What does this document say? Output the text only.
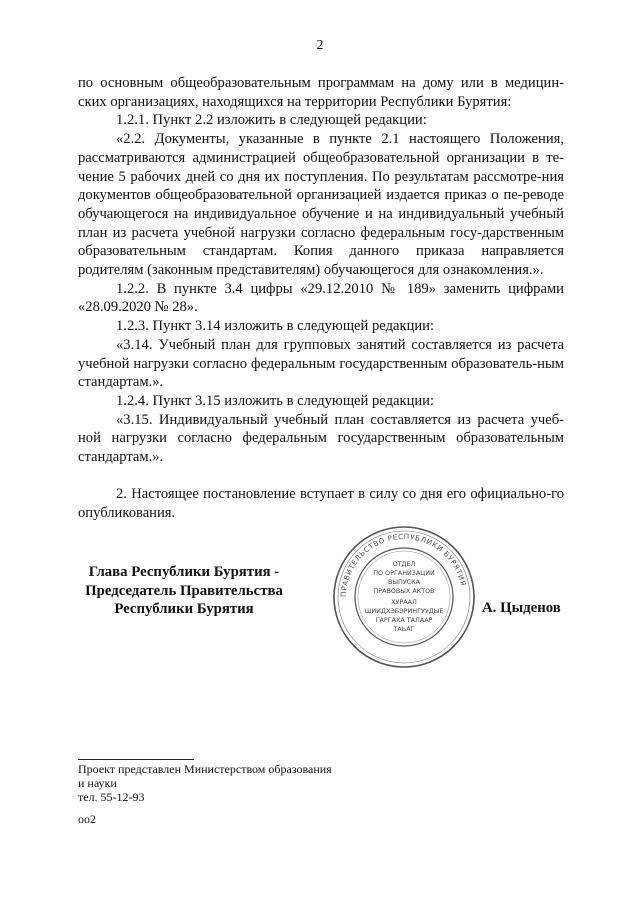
2

по основным общеобразовательным программам на дому или в медицин-ских организациях, находящихся на территории Республики Бурятия:

1.2.1. Пункт 2.2 изложить в следующей редакции:

«2.2. Документы, указанные в пункте 2.1 настоящего Положения, рассматриваются администрацией общеобразовательной организации в те-чение 5 рабочих дней со дня их поступления. По результатам рассмотре-ния документов общеобразовательной организацией издается приказ о пе-реводе обучающегося на индивидуальное обучение и на индивидуальный учебный план из расчета учебной нагрузки согласно федеральным госу-дарственным образовательным стандартам. Копия данного приказа направляется родителям (законным представителям) обучающегося для ознакомления.».

1.2.2. В пункте 3.4 цифры «29.12.2010 № 189» заменить цифрами «28.09.2020 № 28».

1.2.3. Пункт 3.14 изложить в следующей редакции:

«3.14. Учебный план для групповых занятий составляется из расчета учебной нагрузки согласно федеральным государственным образователь-ным стандартам.».

1.2.4. Пункт 3.15 изложить в следующей редакции:

«3.15. Индивидуальный учебный план составляется из расчета учеб-ной нагрузки согласно федеральным государственным образовательным стандартам.».

2. Настоящее постановление вступает в силу со дня его официально-го опубликования.

Глава Республики Бурятия -
Председатель Правительства
Республики Бурятия
ПРАВИТЕЛЬСТВО РЕСПУБЛИКИ БУРЯТИЯ
ОТДЕЛ
ПО ОРГАНИЗАЦИИ
ВЫПУСКА
ПРАВОВЫХ АКТОВ
ХУРААЛ
ШИИДХЭБЭРИНГУУДЫЕ
ГАРГАХА ТАЛААР
ТАЬАГ
А. Цыденов
Проект представлен Министерством образования
и науки
тел. 55-12-93
оо2
